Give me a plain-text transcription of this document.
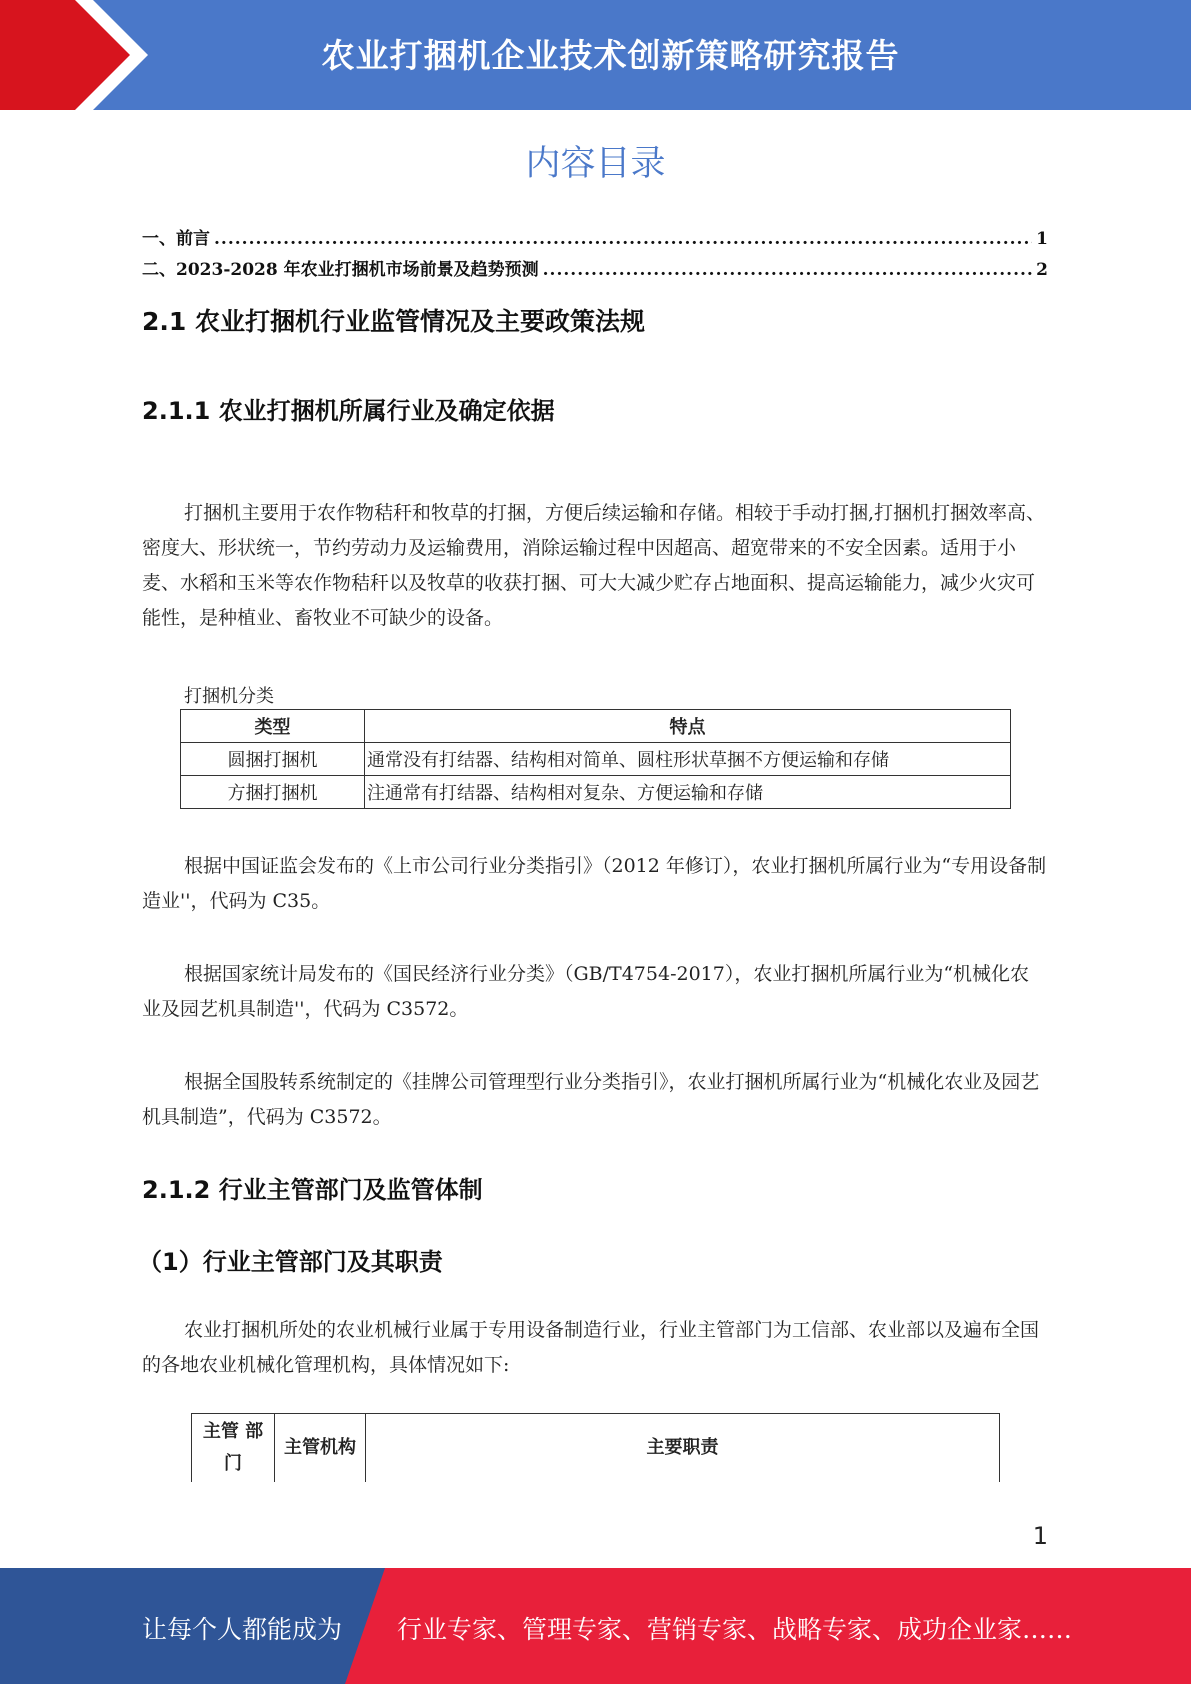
农业打捆机企业技术创新策略研究报告
内容目录
一、前言 .....	1
二、2023-2028 年农业打捆机市场前景及趋势预测 .....	2
2.1 农业打捆机行业监管情况及主要政策法规
2.1.1 农业打捆机所属行业及确定依据

打捆机主要用于农作物秸秆和牧草的打捆，方便后续运输和存储。相较于手动打捆,打捆机打捆效率高、密度大、形状统一，节约劳动力及运输费用，消除运输过程中因超高、超宽带来的不安全因素。适用于小麦、水稻和玉米等农作物秸秆以及牧草的收获打捆、可大大减少贮存占地面积、提高运输能力，减少火灾可能性，是种植业、畜牧业不可缺少的设备。

打捆机分类
类型	特点
圆捆打捆机	通常没有打结器、结构相对简单、圆柱形状草捆不方便运输和存储
方捆打捆机	注通常有打结器、结构相对复杂、方便运输和存储

根据中国证监会发布的《上市公司行业分类指引》（2012 年修订），农业打捆机所属行业为“专用设备制造业''，代码为 C35。

根据国家统计局发布的《国民经济行业分类》（GB/T4754-2017），农业打捆机所属行业为“机械化农业及园艺机具制造''，代码为 C3572。

根据全国股转系统制定的《挂牌公司管理型行业分类指引》，农业打捆机所属行业为“机械化农业及园艺机具制造”，代码为 C3572。

2.1.2 行业主管部门及监管体制
（1）行业主管部门及其职责

农业打捆机所处的农业机械行业属于专用设备制造行业，行业主管部门为工信部、农业部以及遍布全国的各地农业机械化管理机构，具体情况如下:

主管 部门	主管机构	主要职责
1
让每个人都能成为 行业专家、管理专家、营销专家、战略专家、成功企业家……
